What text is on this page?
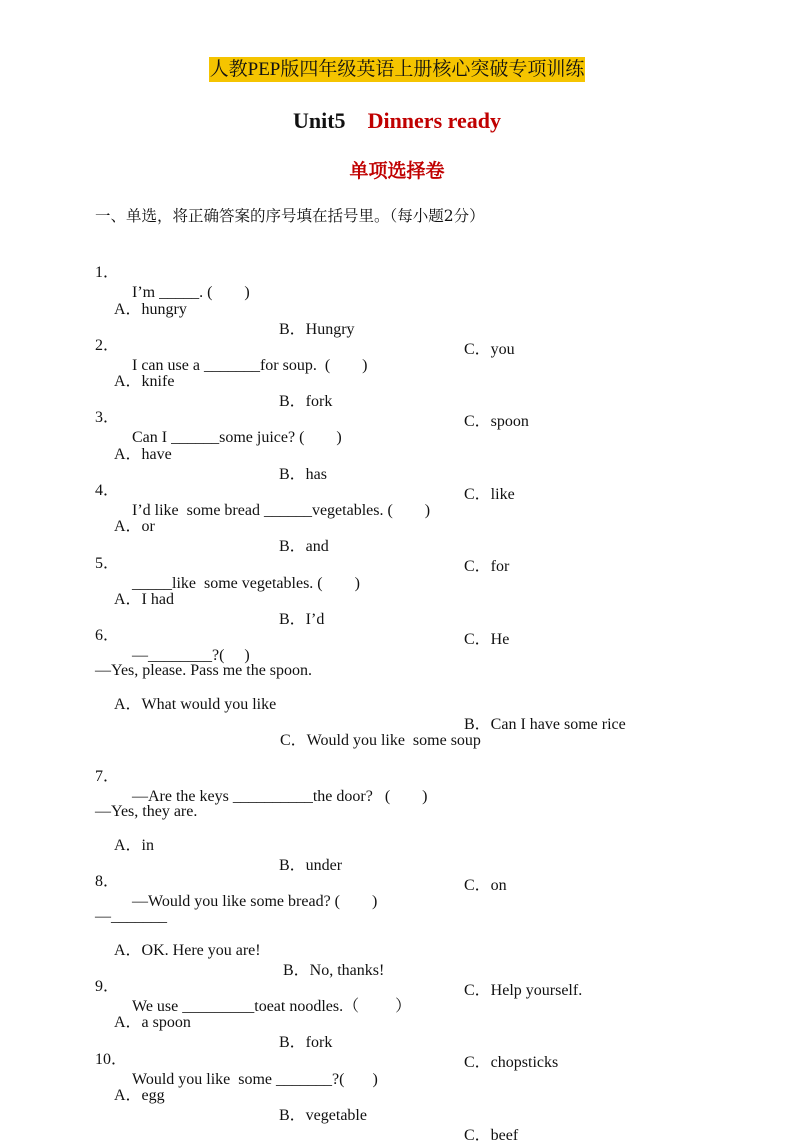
人教PEP版四年级英语上册核心突破专项训练
Unit5 Dinners ready
单项选择卷
一、单选，将正确答案的序号填在括号里。（每小题2分）

1．

I’m _____. (        )

A．hungry

B．Hungry

C．you

2．

I can use a _______for soup.  (        )

A．knife

B．fork

C．spoon

3．

Can I ______some juice? (        )

A．have

B．has

C．like

4．

I’d like  some bread ______vegetables. (        )

A．or

B．and

C．for

5．

_____like  some vegetables. (        )

A．I had

B．I’d

C．He

6．

—________?(     )

—Yes, please. Pass me the spoon.

A．What would you like

B．Can I have some rice

C．Would you like  some soup

7．

—Are the keys __________the door?   (        )

—Yes, they are.

A．in

B．under

C．on

8．

—Would you like some bread? (        )

—_______

A．OK. Here you are!

B．No, thanks!

C．Help yourself.

9．

We use _________toeat noodles.（         ）

A．a spoon

B．fork

C．chopsticks

10．

Would you like  some _______?(       )

A．egg

B．vegetable

C．beef
